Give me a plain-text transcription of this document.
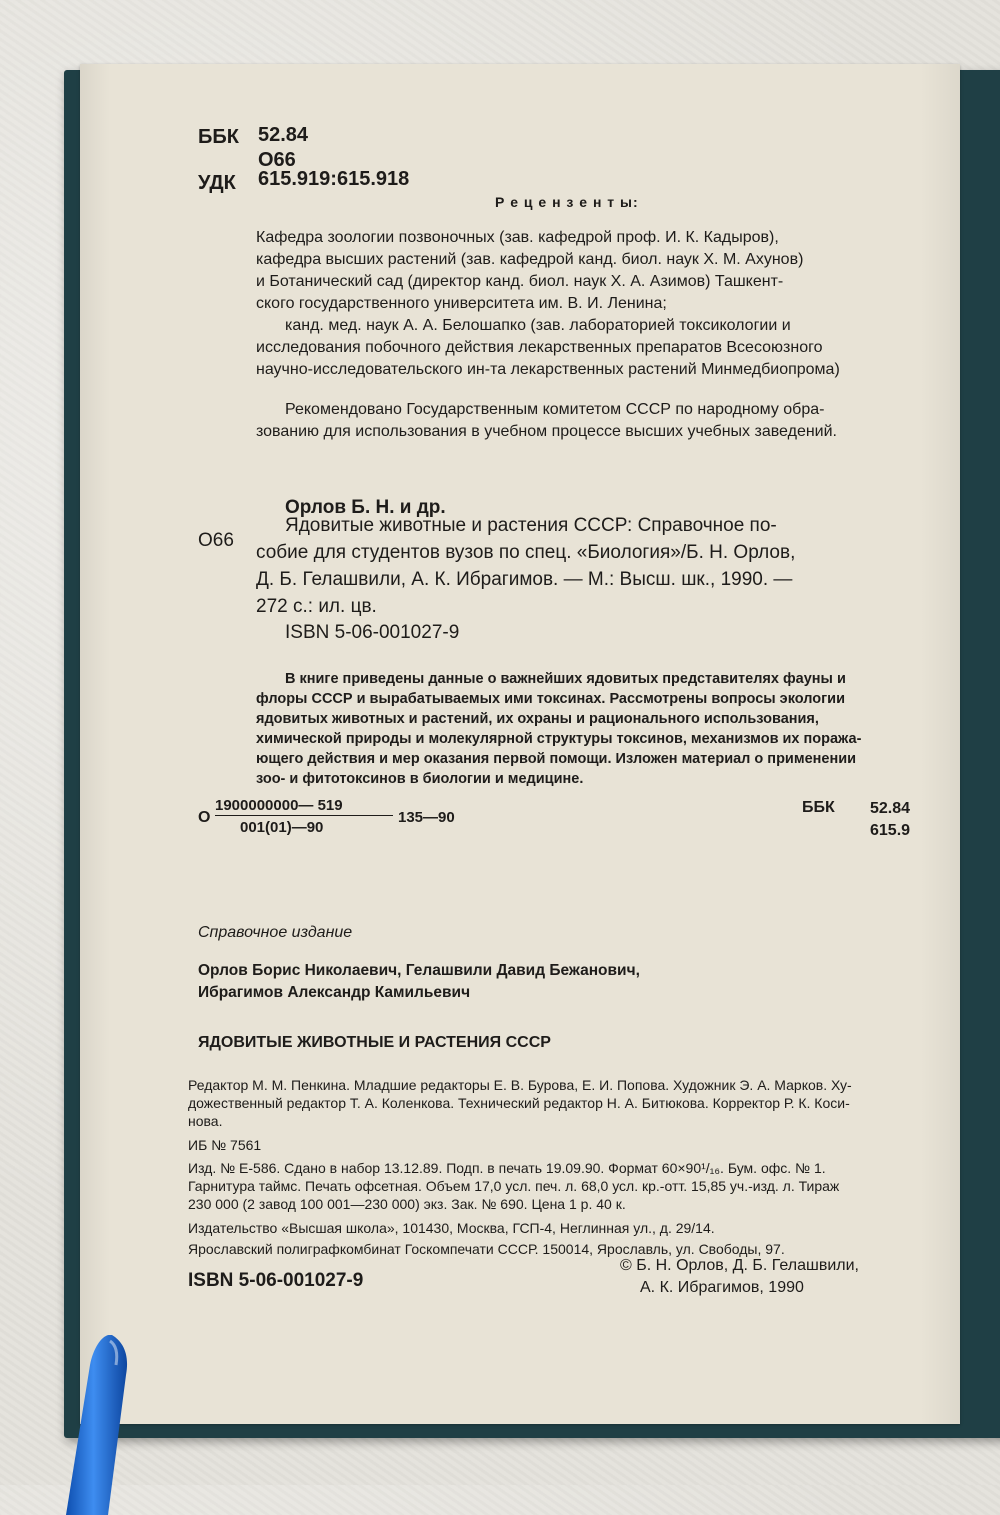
ББК 52.84
О66
УДК 615.919:615.918
Р е ц е н з е н т ы:
Кафедра зоологии позвоночных (зав. кафедрой проф. И. К. Кадыров),
кафедра высших растений (зав. кафедрой канд. биол. наук Х. М. Ахунов)
и Ботанический сад (директор канд. биол. наук Х. А. Азимов) Ташкент-
ского государственного университета им. В. И. Ленина;
канд. мед. наук А. А. Белошапко (зав. лабораторией токсикологии и
исследования побочного действия лекарственных препаратов Всесоюзного
научно-исследовательского ин-та лекарственных растений Минмедбиопрома)
Рекомендовано Государственным комитетом СССР по народному обра-
зованию для использования в учебном процессе высших учебных заведений.
Орлов Б. Н. и др.
О66
Ядовитые животные и растения СССР: Справочное по-
собие для студентов вузов по спец. «Биология»/Б. Н. Орлов,
Д. Б. Гелашвили, А. К. Ибрагимов. — М.: Высш. шк., 1990. —
272 с.: ил. цв.
ISBN 5-06-001027-9
В книге приведены данные о важнейших ядовитых представителях фауны и
флоры СССР и вырабатываемых ими токсинах. Рассмотрены вопросы экологии
ядовитых животных и растений, их охраны и рационального использования,
химической природы и молекулярной структуры токсинов, механизмов их поража-
ющего действия и мер оказания первой помощи. Изложен материал о применении
зоо- и фитотоксинов в биологии и медицине.
О
1900000000— 519
001(01)—90
135—90
ББК 52.84
615.9
Справочное издание
Орлов Борис Николаевич, Гелашвили Давид Бежанович,
Ибрагимов Александр Камильевич
ЯДОВИТЫЕ ЖИВОТНЫЕ И РАСТЕНИЯ СССР
Редактор М. М. Пенкина. Младшие редакторы Е. В. Бурова, Е. И. Попова. Художник Э. А. Марков. Ху-
дожественный редактор Т. А. Коленкова. Технический редактор Н. А. Битюкова. Корректор Р. К. Коси-
нова.
ИБ № 7561
Изд. № Е-586. Сдано в набор 13.12.89. Подп. в печать 19.09.90. Формат 60×90¹/₁₆. Бум. офс. № 1.
Гарнитура таймс. Печать офсетная. Объем 17,0 усл. печ. л. 68,0 усл. кр.-отт. 15,85 уч.-изд. л. Тираж
230 000 (2 завод 100 001—230 000) экз. Зак. № 690. Цена 1 р. 40 к.
Издательство «Высшая школа», 101430, Москва, ГСП-4, Неглинная ул., д. 29/14.
Ярославский полиграфкомбинат Госкомпечати СССР. 150014, Ярославль, ул. Свободы, 97.
ISBN 5-06-001027-9
© Б. Н. Орлов, Д. Б. Гелашвили,
А. К. Ибрагимов, 1990
